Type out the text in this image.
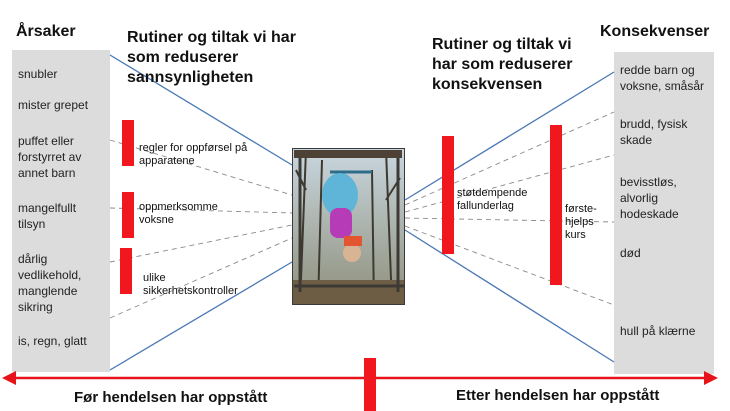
Årsaker	Konsekvenser
Rutiner og tiltak vi har som reduserer sannsynligheten
Rutiner og tiltak vi har som reduserer konsekvensen
snubler
mister grepet
puffet eller forstyrret av annet barn
mangelfullt tilsyn
dårlig vedlikehold, manglende sikring
is, regn, glatt
redde barn og voksne, småsår
brudd, fysisk skade
bevisstløs, alvorlig hodeskade
død
hull på klærne
regler for oppførsel på apparatene
oppmerksomme voksne
ulike sikkerhetskontroller
støtdempende fallunderlag	første-hjelps kurs
Før hendelsen har oppstått	Etter hendelsen har oppstått
